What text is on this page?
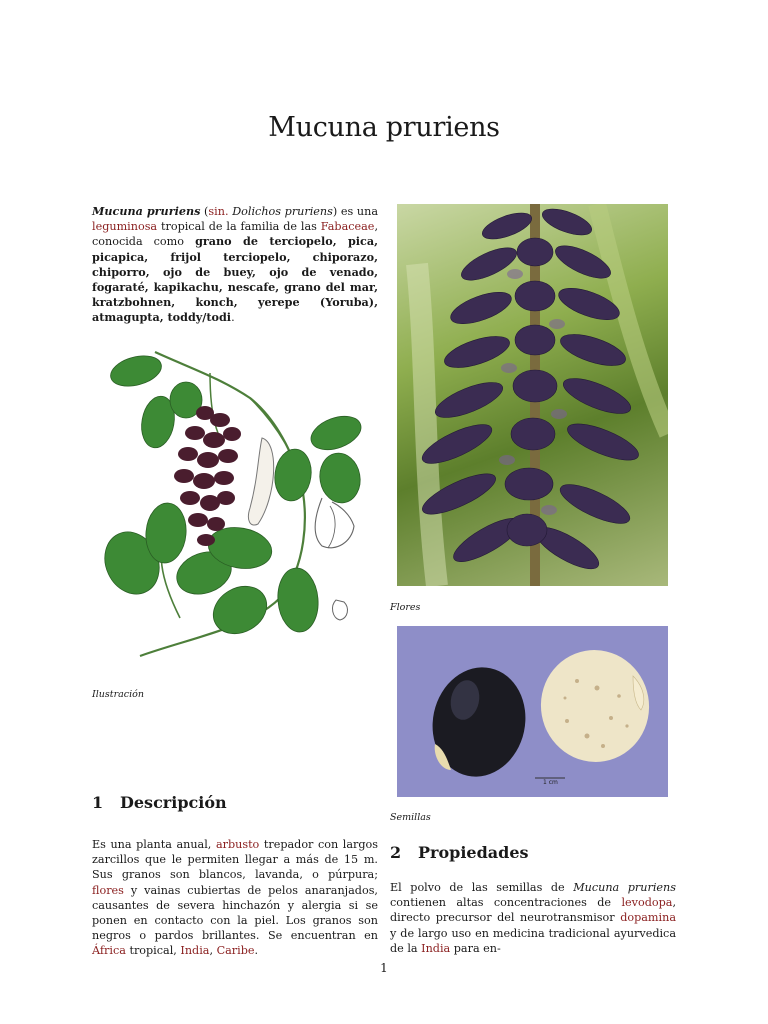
Mucuna pruriens
Mucuna pruriens (sin. Dolichos pruriens) es una leguminosa tropical de la familia de las Fabaceae, conocida como grano de terciopelo, pica, picapica, frijol terciopelo, chiporazo, chiporro, ojo de buey, ojo de venado, fogaraté, kapikachu, nescafe, grano del mar, kratzbohnen, konch, yerepe (Yoruba), atmagupta, toddy/todi.
Ilustración
Flores
1 cm
Semillas
1 Descripción
Es una planta anual, arbusto trepador con largos zarcillos que le permiten llegar a más de 15 m. Sus granos son blancos, lavanda, o púrpura; flores y vainas cubiertas de pelos anaranjados, causantes de severa hinchazón y alergia si se ponen en contacto con la piel. Los granos son negros o pardos brillantes. Se encuentran en África tropical, India, Caribe.
2 Propiedades
El polvo de las semillas de Mucuna pruriens contienen altas concentraciones de levodopa, directo precursor del neurotransmisor dopamina y de largo uso en medicina tradicional ayurvedica de la India para en-
1
